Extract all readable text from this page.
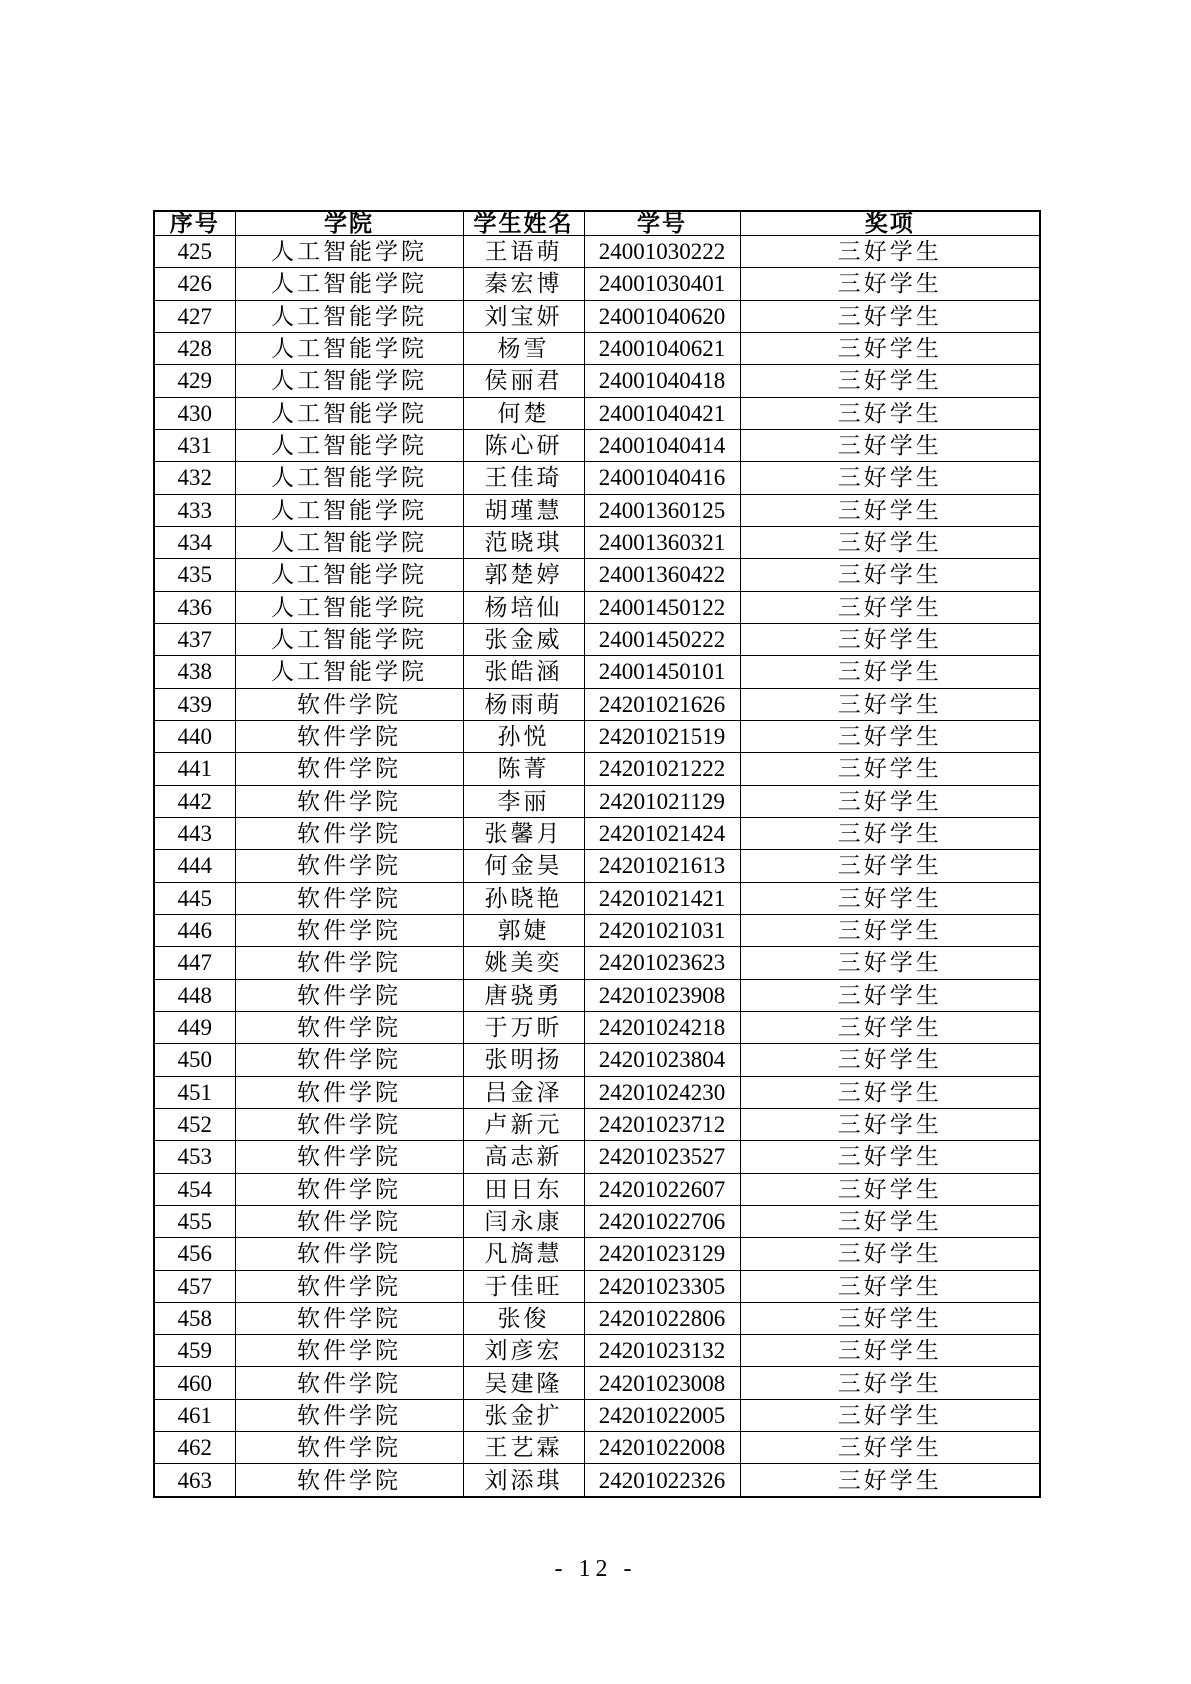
序号	学院	学生姓名	学号	奖项
425	人工智能学院	王语萌	24001030222	三好学生
426	人工智能学院	秦宏博	24001030401	三好学生
427	人工智能学院	刘宝妍	24001040620	三好学生
428	人工智能学院	杨雪	24001040621	三好学生
429	人工智能学院	侯丽君	24001040418	三好学生
430	人工智能学院	何楚	24001040421	三好学生
431	人工智能学院	陈心研	24001040414	三好学生
432	人工智能学院	王佳琦	24001040416	三好学生
433	人工智能学院	胡瑾慧	24001360125	三好学生
434	人工智能学院	范晓琪	24001360321	三好学生
435	人工智能学院	郭楚婷	24001360422	三好学生
436	人工智能学院	杨培仙	24001450122	三好学生
437	人工智能学院	张金威	24001450222	三好学生
438	人工智能学院	张皓涵	24001450101	三好学生
439	软件学院	杨雨萌	24201021626	三好学生
440	软件学院	孙悦	24201021519	三好学生
441	软件学院	陈菁	24201021222	三好学生
442	软件学院	李丽	24201021129	三好学生
443	软件学院	张馨月	24201021424	三好学生
444	软件学院	何金昊	24201021613	三好学生
445	软件学院	孙晓艳	24201021421	三好学生
446	软件学院	郭婕	24201021031	三好学生
447	软件学院	姚美奕	24201023623	三好学生
448	软件学院	唐骁勇	24201023908	三好学生
449	软件学院	于万昕	24201024218	三好学生
450	软件学院	张明扬	24201023804	三好学生
451	软件学院	吕金泽	24201024230	三好学生
452	软件学院	卢新元	24201023712	三好学生
453	软件学院	高志新	24201023527	三好学生
454	软件学院	田日东	24201022607	三好学生
455	软件学院	闫永康	24201022706	三好学生
456	软件学院	凡旖慧	24201023129	三好学生
457	软件学院	于佳旺	24201023305	三好学生
458	软件学院	张俊	24201022806	三好学生
459	软件学院	刘彦宏	24201023132	三好学生
460	软件学院	吴建隆	24201023008	三好学生
461	软件学院	张金扩	24201022005	三好学生
462	软件学院	王艺霖	24201022008	三好学生
463	软件学院	刘添琪	24201022326	三好学生
- 12 -
